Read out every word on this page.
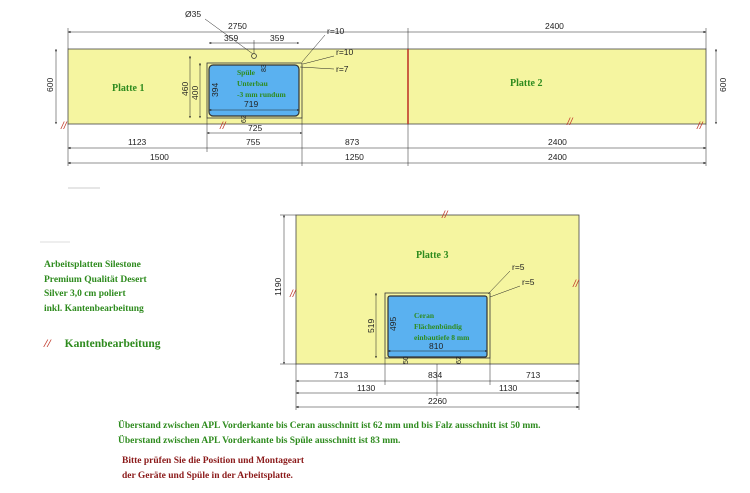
2750	2400
Ø35
359	359
r=10
r=10
r=7
600	600
460 400 394
83
62
Platte 1	Platte 2
Spüle
Unterbau
-3 mm rundum
719
725
//	//	//	//
1123	755	873	2400
1500	1250	2400
Platte 3
Ceran
Flächenbündig
einbautiefe 8 mm
r=5
r=5
1190
519 495
810
50	62
//
//
//
713	834	713
1130	1130
2260
Arbeitsplatten Silestone
Premium Qualität Desert
Silver 3,0 cm poliert
inkl. Kantenbearbeitung
// Kantenbearbeitung
Überstand zwischen APL Vorderkante bis Ceran ausschnitt ist 62 mm und bis Falz ausschnitt ist 50 mm.
Überstand zwischen APL Vorderkante bis Spüle ausschnitt ist 83 mm.
Bitte prüfen Sie die Position und Montageart
der Geräte und Spüle in der Arbeitsplatte.
